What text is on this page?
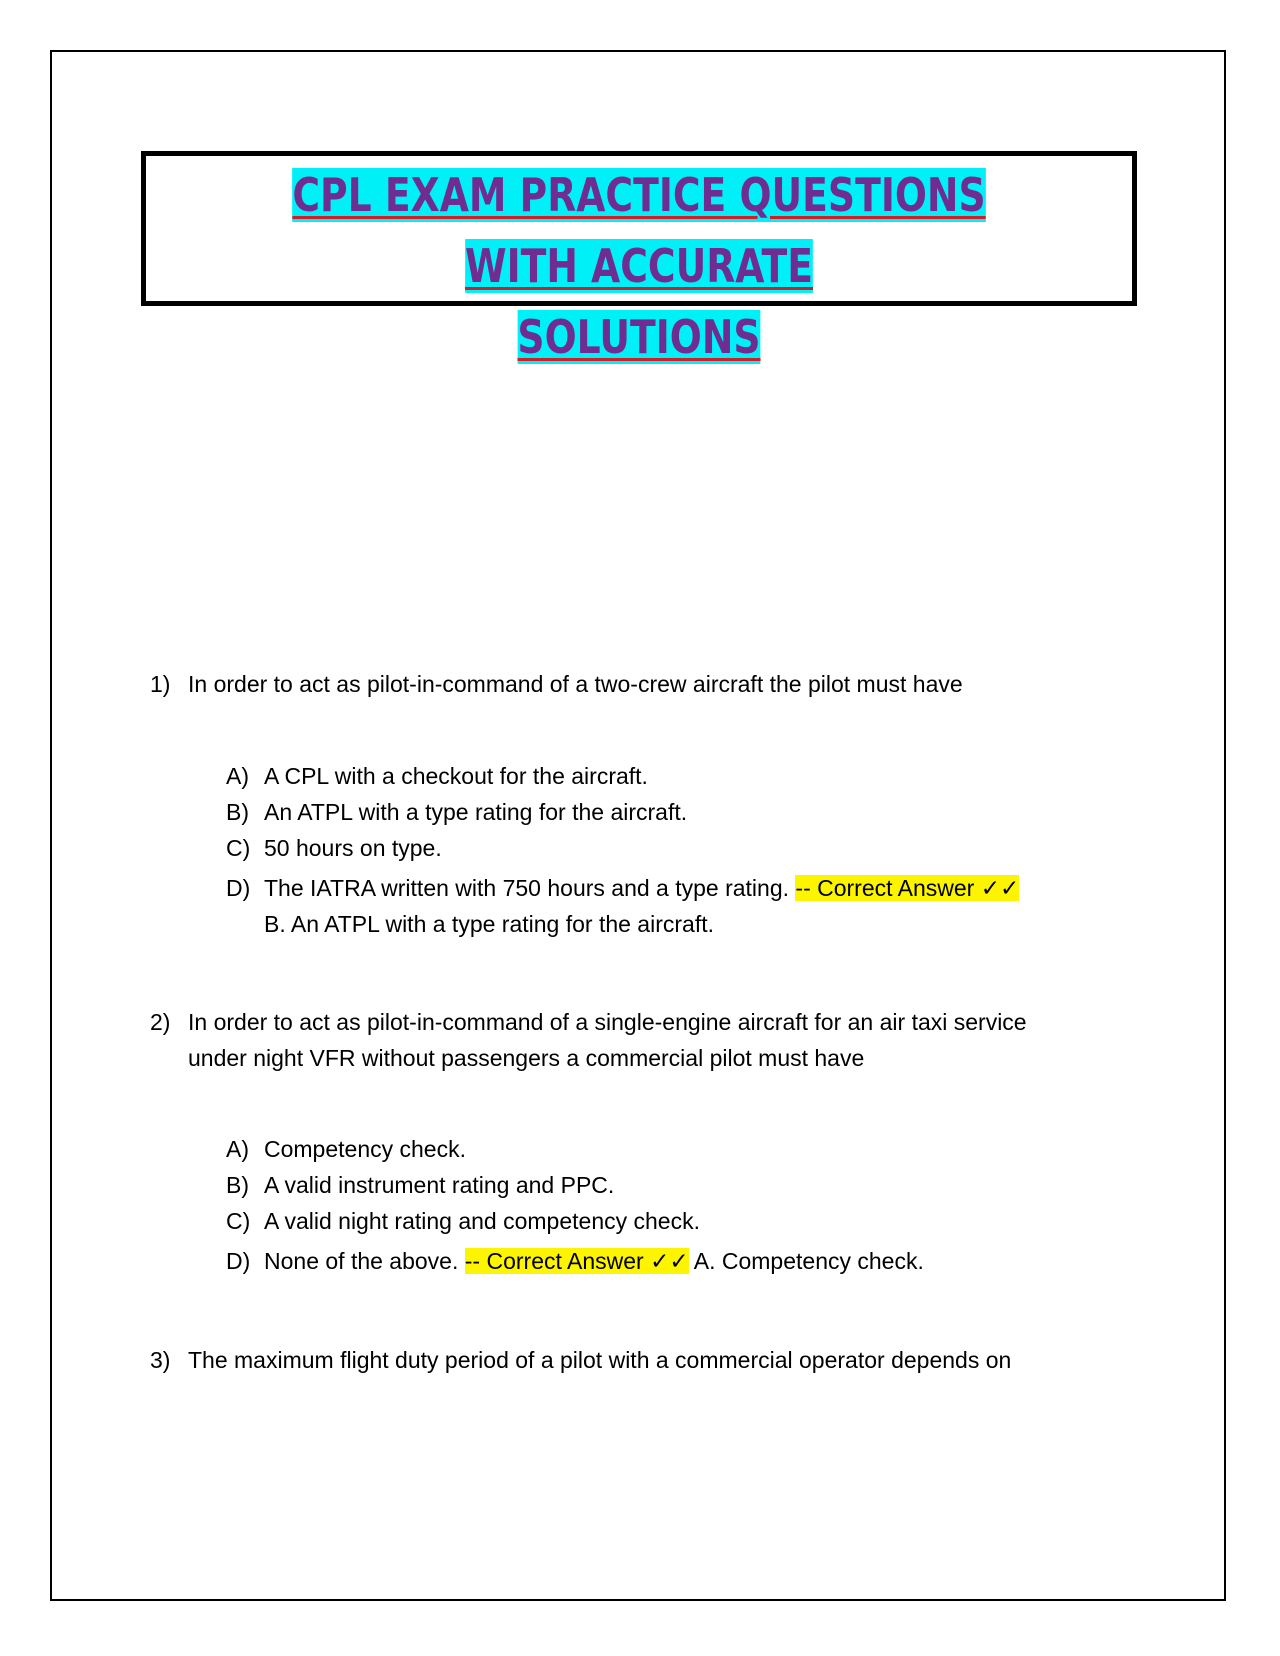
CPL EXAM PRACTICE QUESTIONS WITH ACCURATE
SOLUTIONS
1) In order to act as pilot-in-command of a two-crew aircraft the pilot must have
A) A CPL with a checkout for the aircraft.
B) An ATPL with a type rating for the aircraft.
C) 50 hours on type.
D) The IATRA written with 750 hours and a type rating. -- Correct Answer ✓✓
B. An ATPL with a type rating for the aircraft.
2) In order to act as pilot-in-command of a single-engine aircraft for an air taxi service
under night VFR without passengers a commercial pilot must have
A) Competency check.
B) A valid instrument rating and PPC.
C) A valid night rating and competency check.
D) None of the above. -- Correct Answer ✓✓ A. Competency check.
3) The maximum flight duty period of a pilot with a commercial operator depends on
